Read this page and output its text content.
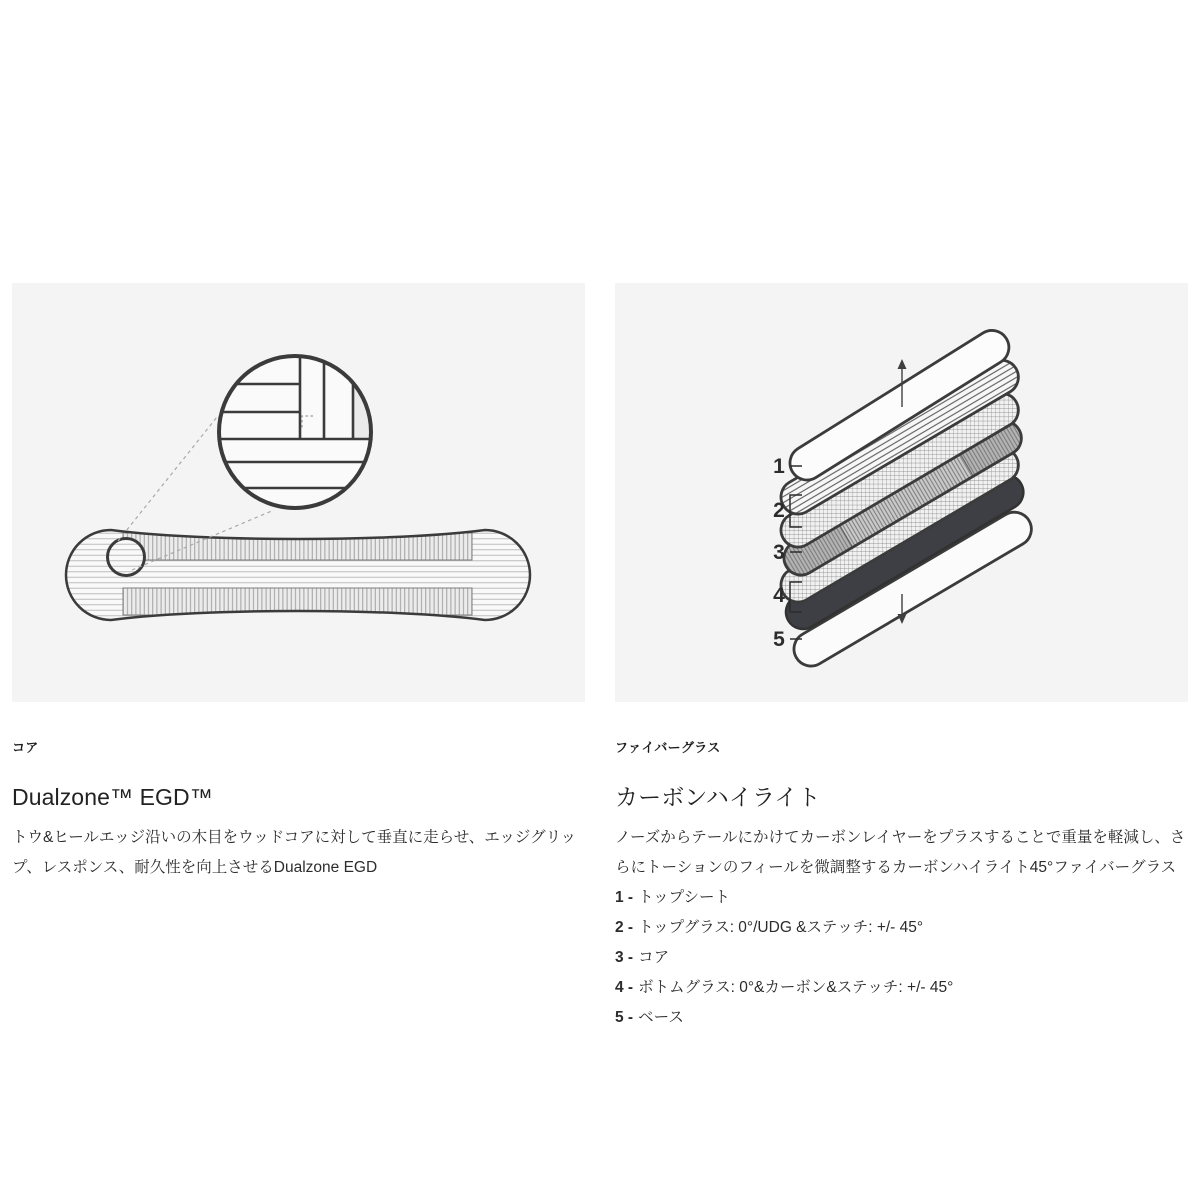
コア
Dualzone™ EGD™

トウ&ヒールエッジ沿いの木目をウッドコアに対して垂直に走らせ、エッジグリップ、レスポンス、耐久性を向上させるDualzone EGD

1
2
3
4
5
ファイバーグラス
カーボンハイライト

ノーズからテールにかけてカーボンレイヤーをプラスすることで重量を軽減し、さらにトーションのフィールを微調整するカーボンハイライト45°ファイバーグラス

1 - トップシート
2 - トップグラス: 0°/UDG &ステッチ: +/- 45°
3 - コア
4 - ボトムグラス: 0°&カーボン&ステッチ: +/- 45°
5 - ベース
